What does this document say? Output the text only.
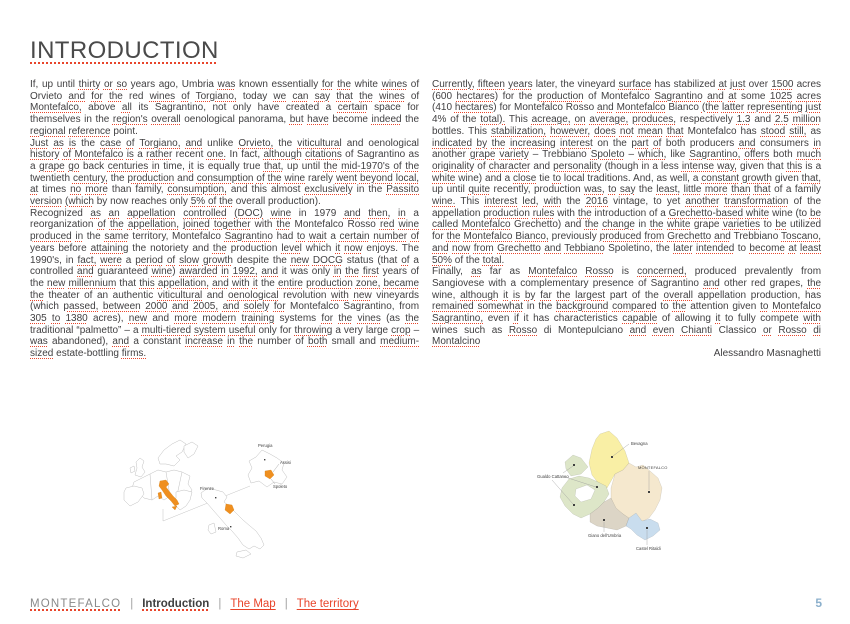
INTRODUCTION

If, up until thirty or so years ago, Umbria was known essentially for the white wines of Orvieto and for the red wines of Torgiano, today we can say that the wines of Montefalco, above all its Sagrantino, not only have created a certain space for themselves in the region's overall oenological panorama, but have become indeed the regional reference point.

Just as is the case of Torgiano, and unlike Orvieto, the viticultural and oenological history of Montefalco is a rather recent one. In fact, although citations of Sagrantino as a grape go back centuries in time, it is equally true that, up until the mid-1970's of the twentieth century, the production and consumption of the wine rarely went beyond local, at times no more than family, consumption, and this almost exclusively in the Passito version (which by now reaches only 5% of the overall production).

Recognized as an appellation controlled (DOC) wine in 1979 and then, in a reorganization of the appellation, joined together with the Montefalco Rosso red wine produced in the same territory, Montefalco Sagrantino had to wait a certain number of years before attaining the notoriety and the production level which it now enjoys. The 1990's, in fact, were a period of slow growth despite the new DOCG status (that of a controlled and guaranteed wine) awarded in 1992, and it was only in the first years of the new millennium that this appellation, and with it the entire production zone, became the theater of an authentic viticultural and oenological revolution with new vineyards (which passed, between 2000 and 2005, and solely for Montefalco Sagrantino, from 305 to 1380 acres), new and more modern training systems for the vines (as the traditional “palmetto” – a multi-tiered system useful only for throwing a very large crop – was abandoned), and a constant increase in the number of both small and medium-sized estate-bottling firms.

Currently, fifteen years later, the vineyard surface has stabilized at just over 1500 acres (600 hectares) for the production of Montefalco Sagrantino and at some 1025 acres (410 hectares) for Montefalco Rosso and Montefalco Bianco (the latter representing just 4% of the total). This acreage, on average, produces, respectively 1.3 and 2.5 million bottles. This stabilization, however, does not mean that Montefalco has stood still, as indicated by the increasing interest on the part of both producers and consumers in another grape variety – Trebbiano Spoleto – which, like Sagrantino, offers both much originality of character and personality (though in a less intense way, given that this is a white wine) and a close tie to local traditions. And, as well, a constant growth given that, up until quite recently, production was, to say the least, little more than that of a family wine. This interest led, with the 2016 vintage, to yet another transformation of the appellation production rules with the introduction of a Grechetto-based white wine (to be called Montefalco Grechetto) and the change in the white grape varieties to be utilized for the Montefalco Bianco, previously produced from Grechetto and Trebbiano Toscano, and now from Grechetto and Tebbiano Spoletino, the later intended to become at least 50% of the total.

Finally, as far as Montefalco Rosso is concerned, produced prevalently from Sangiovese with a complementary presence of Sagrantino and other red grapes, the wine, although it is by far the largest part of the overall appellation production, has remained somewhat in the background compared to the attention given to Montefalco Sagrantino, even if it has characteristics capable of allowing it to fully compete with wines such as Rosso di Montepulciano and even Chianti Classico or Rosso di Montalcino

Alessandro Masnaghetti

Firenze
Roma
Perugia
Assisi
Spoleto
Bevagna
MONTEFALCO
Gualdo Cattaneo
Giano dell'Umbria
Castel Ritaldi
MONTEFALCO | Introduction | The Map | The territory	5
